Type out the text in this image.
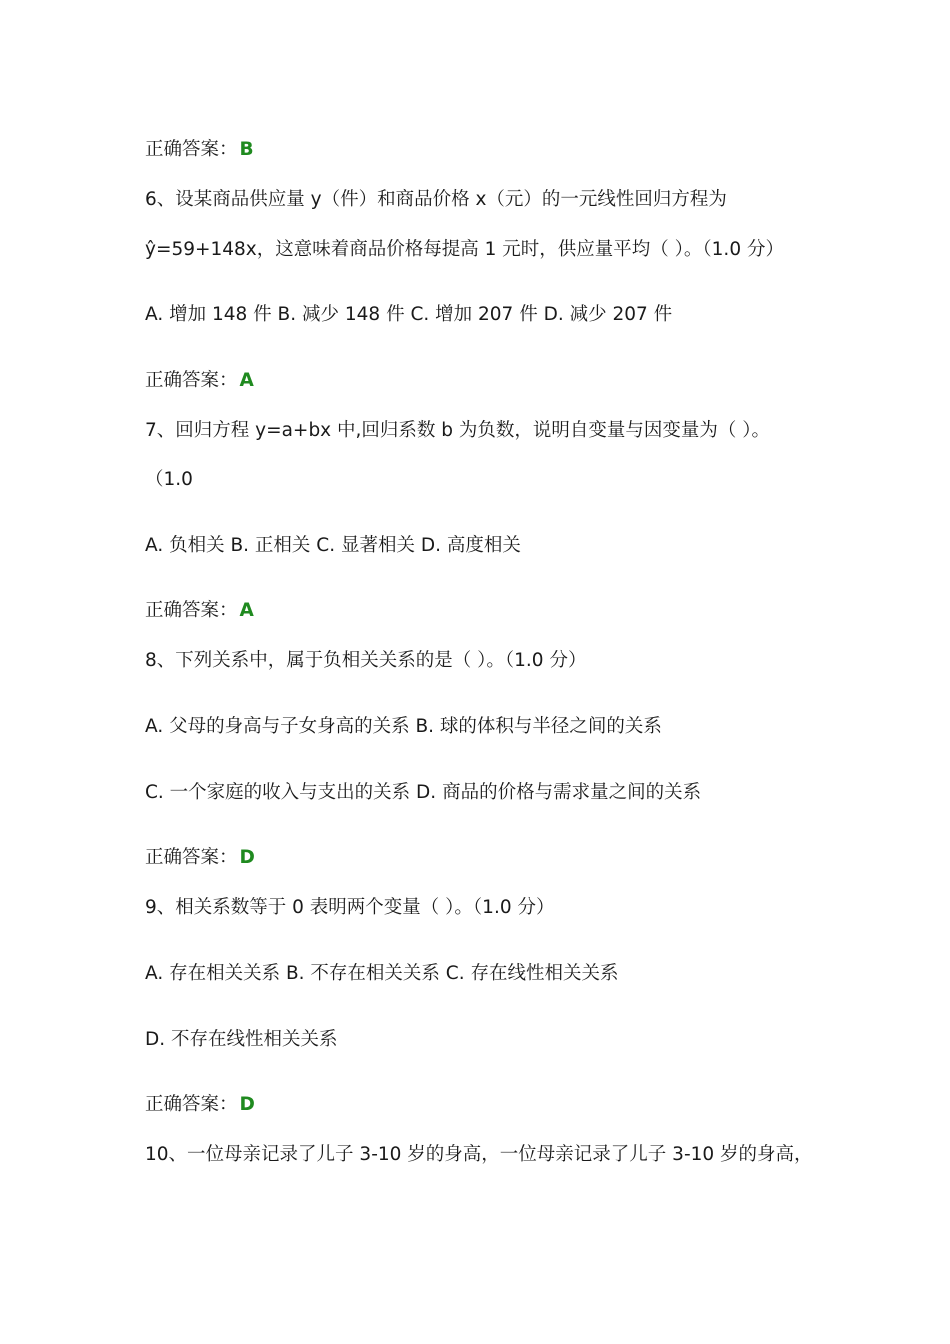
正确答案： B
6、设某商品供应量 y（件）和商品价格 x（元）的一元线性回归方程为
ŷ=59+148x，这意味着商品价格每提高 1 元时，供应量平均（ ）。（1.0 分）
A. 增加 148 件 B. 减少 148 件 C. 增加 207 件 D. 减少 207 件
正确答案： A
7、回归方程 y=a+bx 中,回归系数 b 为负数，说明自变量与因变量为（ ）。
（1.0
A. 负相关 B. 正相关 C. 显著相关 D. 高度相关
正确答案： A
8、下列关系中，属于负相关关系的是（ ）。（1.0 分）
A. 父母的身高与子女身高的关系 B. 球的体积与半径之间的关系
C. 一个家庭的收入与支出的关系 D. 商品的价格与需求量之间的关系
正确答案： D
9、相关系数等于 0 表明两个变量（ ）。（1.0 分）
A. 存在相关关系 B. 不存在相关关系 C. 存在线性相关关系
D. 不存在线性相关关系
正确答案： D
10、一位母亲记录了儿子 3-10 岁的身高，一位母亲记录了儿子 3-10 岁的身高，
